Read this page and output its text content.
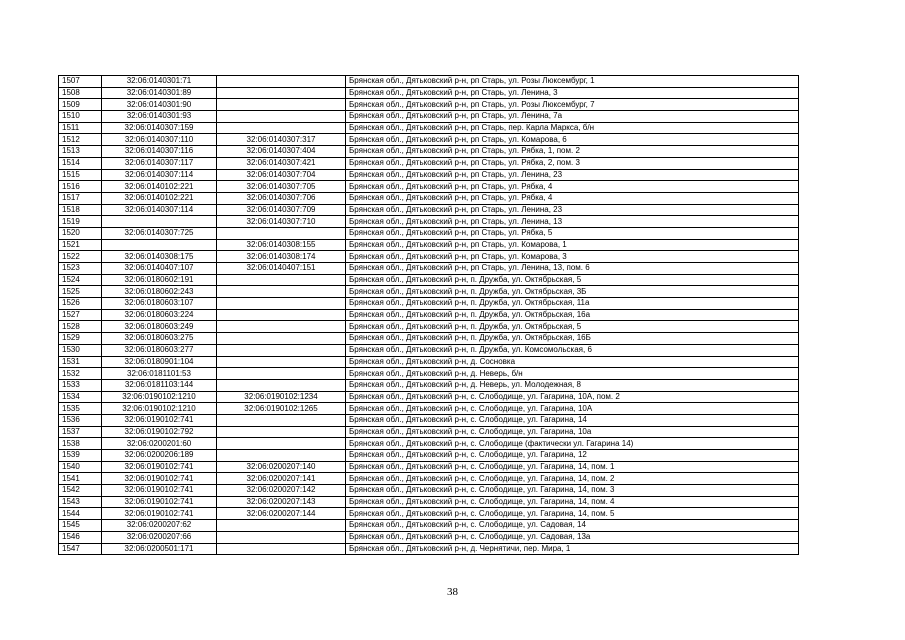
1507	32:06:0140301:71		Брянская обл., Дятьковский р-н, рп Старь, ул. Розы Люксембург, 1
1508	32:06:0140301:89		Брянская обл., Дятьковский р-н, рп Старь, ул. Ленина, 3
1509	32:06:0140301:90		Брянская обл., Дятьковский р-н, рп Старь, ул. Розы Люксембург, 7
1510	32:06:0140301:93		Брянская обл., Дятьковский р-н, рп Старь, ул. Ленина, 7а
1511	32:06:0140307:159		Брянская обл., Дятьковский р-н, рп Старь, пер. Карла Маркса, б/н
1512	32:06:0140307:110	32:06:0140307:317	Брянская обл., Дятьковский р-н, рп Старь, ул. Комарова, 6
1513	32:06:0140307:116	32:06:0140307:404	Брянская обл., Дятьковский р-н, рп Старь, ул. Рябка, 1, пом. 2
1514	32:06:0140307:117	32:06:0140307:421	Брянская обл., Дятьковский р-н, рп Старь, ул. Рябка, 2, пом. 3
1515	32:06:0140307:114	32:06:0140307:704	Брянская обл., Дятьковский р-н, рп Старь, ул. Ленина, 23
1516	32:06:0140102:221	32:06:0140307:705	Брянская обл., Дятьковский р-н, рп Старь, ул. Рябка, 4
1517	32:06:0140102:221	32:06:0140307:706	Брянская обл., Дятьковский р-н, рп Старь, ул. Рябка, 4
1518	32:06:0140307:114	32:06:0140307:709	Брянская обл., Дятьковский р-н, рп Старь, ул. Ленина, 23
1519		32:06:0140307:710	Брянская обл., Дятьковский р-н, рп Старь, ул. Ленина, 13
1520	32:06:0140307:725		Брянская обл., Дятьковский р-н, рп Старь, ул. Рябка, 5
1521		32:06:0140308:155	Брянская обл., Дятьковский р-н, рп Старь, ул. Комарова, 1
1522	32:06:0140308:175	32:06:0140308:174	Брянская обл., Дятьковский р-н, рп Старь, ул. Комарова, 3
1523	32:06:0140407:107	32:06:0140407:151	Брянская обл., Дятьковский р-н, рп Старь, ул. Ленина, 13, пом. 6
1524	32:06:0180602:191		Брянская обл., Дятьковский р-н, п. Дружба, ул. Октябрьская, 5
1525	32:06:0180602:243		Брянская обл., Дятьковский р-н, п. Дружба, ул. Октябрьская, 3Б
1526	32:06:0180603:107		Брянская обл., Дятьковский р-н, п. Дружба, ул. Октябрьская, 11а
1527	32:06:0180603:224		Брянская обл., Дятьковский р-н, п. Дружба, ул. Октябрьская, 16а
1528	32:06:0180603:249		Брянская обл., Дятьковский р-н, п. Дружба, ул. Октябрьская, 5
1529	32:06:0180603:275		Брянская обл., Дятьковский р-н, п. Дружба, ул. Октябрьская, 16Б
1530	32:06:0180603:277		Брянская обл., Дятьковский р-н, п. Дружба, ул. Комсомольская, 6
1531	32:06:0180901:104		Брянская обл., Дятьковский р-н, д. Сосновка
1532	32:06:0181101:53		Брянская обл., Дятьковский р-н, д. Неверь, б/н
1533	32:06:0181103:144		Брянская обл., Дятьковский р-н, д. Неверь, ул. Молодежная, 8
1534	32:06:0190102:1210	32:06:0190102:1234	Брянская обл., Дятьковский р-н, с. Слободище, ул. Гагарина, 10А, пом. 2
1535	32:06:0190102:1210	32:06:0190102:1265	Брянская обл., Дятьковский р-н, с. Слободище, ул. Гагарина, 10А
1536	32:06:0190102:741		Брянская обл., Дятьковский р-н, с. Слободище, ул. Гагарина, 14
1537	32:06:0190102:792		Брянская обл., Дятьковский р-н, с. Слободище, ул. Гагарина, 10а
1538	32:06:0200201:60		Брянская обл., Дятьковский р-н, с. Слободище (фактически ул. Гагарина 14)
1539	32:06:0200206:189		Брянская обл., Дятьковский р-н, с. Слободище, ул. Гагарина, 12
1540	32:06:0190102:741	32:06:0200207:140	Брянская обл., Дятьковский р-н, с. Слободище, ул. Гагарина, 14, пом. 1
1541	32:06:0190102:741	32:06:0200207:141	Брянская обл., Дятьковский р-н, с. Слободище, ул. Гагарина, 14, пом. 2
1542	32:06:0190102:741	32:06:0200207:142	Брянская обл., Дятьковский р-н, с. Слободище, ул. Гагарина, 14, пом. 3
1543	32:06:0190102:741	32:06:0200207:143	Брянская обл., Дятьковский р-н, с. Слободище, ул. Гагарина, 14, пом. 4
1544	32:06:0190102:741	32:06:0200207:144	Брянская обл., Дятьковский р-н, с. Слободище, ул. Гагарина, 14, пом. 5
1545	32:06:0200207:62		Брянская обл., Дятьковский р-н, с. Слободище, ул. Садовая, 14
1546	32:06:0200207:66		Брянская обл., Дятьковский р-н, с. Слободище, ул. Садовая, 13а
1547	32:06:0200501:171		Брянская обл., Дятьковский р-н, д. Чернятичи, пер. Мира, 1
38
